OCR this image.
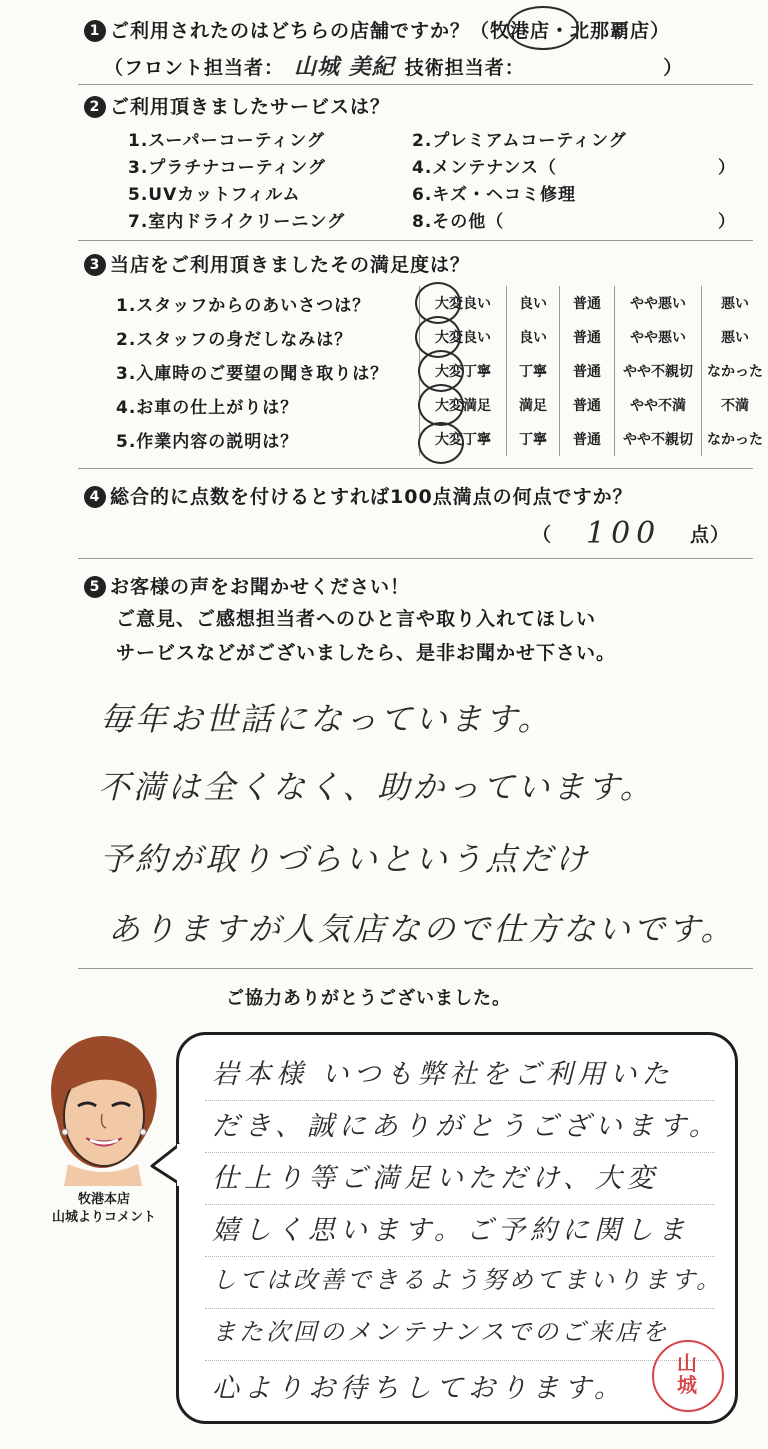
1 ご利用されたのはどちらの店舗ですか？（牧港店・北那覇店）
（フロント担当者： 山城 美紀 技術担当者：	）
2 ご利用頂きましたサービスは？
1.スーパーコーティング	2.プレミアムコーティング
3.プラチナコーティング	4.メンテナンス（	）
5.UVカットフィルム	6.キズ・ヘコミ修理
7.室内ドライクリーニング	8.その他（	）
3 当店をご利用頂きましたその満足度は？
1.スタッフからのあいさつは？	大変良い	良い	普通	やや悪い	悪い
2.スタッフの身だしなみは？	大変良い	良い	普通	やや悪い	悪い
3.入庫時のご要望の聞き取りは？	大変丁寧	丁寧	普通	やや不親切	なかった
4.お車の仕上がりは？	大変満足	満足	普通	やや不満	不満
5.作業内容の説明は？	大変丁寧	丁寧	普通	やや不親切	なかった
4 総合的に点数を付けるとすれば100点満点の何点ですか？
（ 100 点）
5 お客様の声をお聞かせください！
ご意見、ご感想担当者へのひと言や取り入れてほしい
サービスなどがございましたら、是非お聞かせ下さい。
毎年お世話になっています。
不満は全くなく、助かっています。
予約が取りづらいという点だけ
ありますが人気店なので仕方ないです。
ご協力ありがとうございました。
牧港本店
山城よりコメント
岩本様 いつも弊社をご利用いた
だき、誠にありがとうございます。
仕上り等ご満足いただけ、大変
嬉しく思います。ご予約に関しま
しては改善できるよう努めてまいります。
また次回のメンテナンスでのご来店を
心よりお待ちしております。
山城
